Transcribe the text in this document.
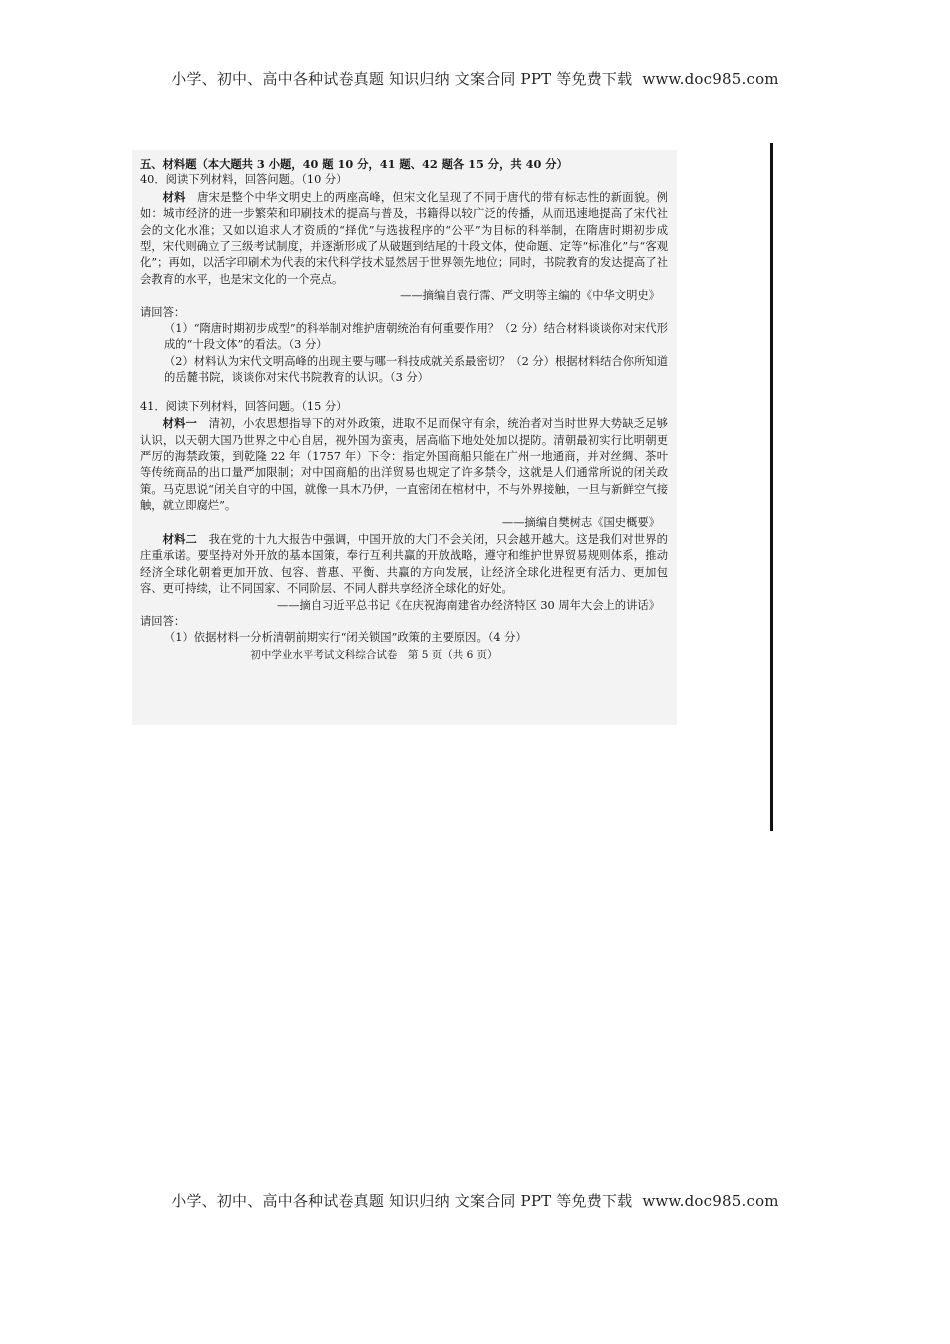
小学、初中、高中各种试卷真题 知识归纳 文案合同 PPT 等免费下载 www.doc985.com

五、材料题（本大题共 3 小题，40 题 10 分，41 题、42 题各 15 分，共 40 分）

40．阅读下列材料，回答问题。（10 分）

材料　 唐宋是整个中华文明史上的两座高峰，但宋文化呈现了不同于唐代的带有标志性的新面貌。例如：城市经济的进一步繁荣和印刷技术的提高与普及，书籍得以较广泛的传播，从而迅速地提高了宋代社会的文化水准；又如以追求人才资质的“择优”与选拔程序的“公平”为目标的科举制，在隋唐时期初步成型，宋代则确立了三级考试制度，并逐渐形成了从破题到结尾的十段文体，使命题、定等“标准化”与“客观化”；再如，以活字印刷术为代表的宋代科学技术显然居于世界领先地位；同时，书院教育的发达提高了社会教育的水平，也是宋文化的一个亮点。

——摘编自袁行霈、严文明等主编的《中华文明史》

请回答：

（1）“隋唐时期初步成型”的科举制对维护唐朝统治有何重要作用？（2 分）结合材料谈谈你对宋代形成的“十段文体”的看法。（3 分）

（2）材料认为宋代文明高峰的出现主要与哪一科技成就关系最密切？（2 分）根据材料结合你所知道的岳麓书院，谈谈你对宋代书院教育的认识。（3 分）

41．阅读下列材料，回答问题。（15 分）

材料一　 清初，小农思想指导下的对外政策，进取不足而保守有余，统治者对当时世界大势缺乏足够认识，以天朝大国乃世界之中心自居，视外国为蛮夷，居高临下地处处加以提防。清朝最初实行比明朝更严厉的海禁政策，到乾隆 22 年（1757 年）下令：指定外国商船只能在广州一地通商，并对丝绸、茶叶等传统商品的出口量严加限制；对中国商船的出洋贸易也规定了许多禁令，这就是人们通常所说的闭关政策。马克思说“闭关自守的中国，就像一具木乃伊，一直密闭在棺材中，不与外界接触，一旦与新鲜空气接触，就立即腐烂”。

——摘编自樊树志《国史概要》

材料二　 我在党的十九大报告中强调，中国开放的大门不会关闭，只会越开越大。这是我们对世界的庄重承诺。要坚持对外开放的基本国策，奉行互利共赢的开放战略，遵守和维护世界贸易规则体系，推动经济全球化朝着更加开放、包容、普惠、平衡、共赢的方向发展，让经济全球化进程更有活力、更加包容、更可持续，让不同国家、不同阶层、不同人群共享经济全球化的好处。

——摘自习近平总书记《在庆祝海南建省办经济特区 30 周年大会上的讲话》

请回答：

（1）依据材料一分析清朝前期实行“闭关锁国”政策的主要原因。（4 分）

初中学业水平考试文科综合试卷　第 5 页（共 6 页）

小学、初中、高中各种试卷真题 知识归纳 文案合同 PPT 等免费下载 www.doc985.com
